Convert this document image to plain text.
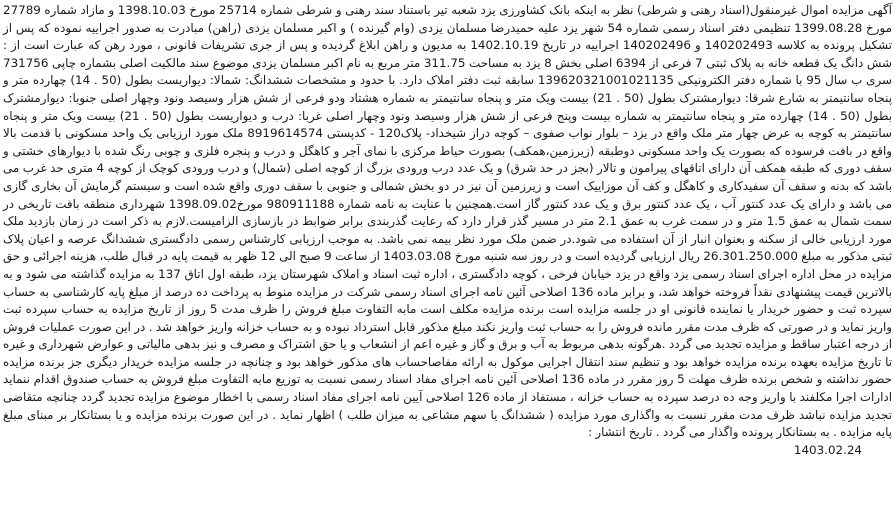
آگهی مزایده اموال غیرمنقول(اسناد رهنی و شرطی) نظر به اینکه بانک کشاورزی یزد شعبه تیر باستناد سند رهنی و شرطی شماره 25714 مورخ 1398.10.03 و مازاد شماره 27789 مورخ 1399.08.28 تنظیمی دفتر اسناد رسمی شماره 54 شهر یزد علیه حمیدرضا مسلمان یزدی (وام گیرنده ) و اکبر مسلمان یزدی (راهن) مبادرت به صدور اجراییه نموده که پس از تشکیل پرونده به کلاسه 140202493 و 140202496 اجراییه در تاریخ 1402.10.19 به مدیون و راهن ابلاغ گردیده و پس از جری تشریفات قانونی ، مورد رهن که عبارت است از : شش دانگ یک قطعه خانه به پلاک ثبتی 7 فرعی از 6394 اصلی بخش 8 یزد به مساحت 311.75 متر مربع به نام اکبر مسلمان یزدی موضوع سند مالکیت اصلی بشماره چاپی 731756 سری ب سال 95 با شماره دفتر الکترونیکی 139620321001021135 سابقه ثبت دفتر املاک دارد. با حدود و مشخصات ششدانگ: شمالا: دیواریست بطول (50 . 14) چهارده متر و پنجاه سانتیمتر به شارع شرقا: دیوارمشترک بطول (50 . 21) بیست ویک متر و پنجاه سانتیمتر به شماره هشتاد ودو فرعی از شش هزار وسیصد ونود وچهار اصلی جنوبا: دیوارمشترک بطول (50 . 14) چهارده متر و پنجاه سانتیمتر به شماره بیست وپنج فرعی از شش هزار وسیصد ونود وچهار اصلی غربا: درب و دیواریست بطول (50 . 21) بیست ویک متر و پنجاه سانتیمتر به کوچه به عرض چهار متر ملک واقع در یزد – بلوار نواب صفوی – کوچه دراز شیخداد- پلاک120 - کدپستی 8919614574 ملک مورد ارزیابی یک واحد مسکونی با قدمت بالا واقع در بافت فرسوده که بصورت یک واحد مسکونی دوطبقه (زیرزمین،همکف) بصورت حیاط مرکزی با نمای آجر و کاهگل و درب و پنجره فلزی و چوبی رنگ شده با دیوارهای خشتی و سقف دوری که طبقه همکف آن دارای اتاقهای پیرامون و تالار (بجز در حد شرق) و یک عدد درب ورودی بزرگ از کوچه اصلی (شمال) و درب ورودی کوچک از کوچه 4 متری حد غرب می باشد که بدنه و سقف آن سفیدکاری و کاهگل و کف آن موزاییک است و زیرزمین آن نیز در دو بخش شمالی و جنوبی با سقف دوری واقع شده است و سیستم گرمایش آن بخاری گازی می باشد و دارای یک عدد کنتور آب ، یک عدد کنتور برق و یک عدد کنتور گاز است.همچنین با عنایت به نامه شماره 980911188 مورخ1398.09.02 شهرداری منطقه بافت تاریخی در سمت شمال به عمق 1.5 متر و در سمت غرب به عمق 2.1 متر در مسیر گذر قرار دارد که رعایت گذربندی برابر ضوابط در بازسازی الزامیست.لازم به ذکر است در زمان بازدید ملک مورد ارزیابی خالی از سکنه و بعنوان انبار از آن استفاده می شود.در ضمن ملک مورد نظر بیمه نمی باشد. به موجب ارزیابی کارشناس رسمی دادگستری ششدانگ عرصه و اعیان پلاک ثبتی مذکور به مبلغ 26.301.250.000 ریال ارزیابی گردیده است و در روز سه شنبه مورخ 1403.03.08 از ساعت 9 صبح الی 12 ظهر به قیمت پایه در قبال طلب، هزینه اجرائی و حق مزایده در محل اداره اجرای اسناد رسمی یزد واقع در یزد خیابان فرخی ، کوچه دادگستری ، اداره ثبت اسناد و املاک شهرستان یزد، طبقه اول اتاق 137 به مزایده گذاشته می شود و به بالاترین قیمت پیشنهادی نقداً فروخته خواهد شد، و برابر ماده 136 اصلاحی آئین نامه اجرای اسناد رسمی شرکت در مزایده منوط به پرداخت ده درصد از مبلغ پایه کارشناسی به حساب سپرده ثبت و حضور خریدار یا نماینده قانونی او در جلسه مزایده است برنده مزایده مکلف است مابه التفاوت مبلغ فروش را ظرف مدت 5 روز از تاریخ مزایده به حساب سپرده ثبت واریز نماید و در صورتی که ظرف مدت مقرر مانده فروش را به حساب ثبت واریز نکند مبلغ مذکور قابل استرداد نبوده و به حساب خزانه واریز خواهد شد . در این صورت عملیات فروش از درجه اعتبار ساقط و مزایده تجدید می گردد .هرگونه بدهی مربوط به آب و برق و گاز و غیره اعم از انشعاب و یا حق اشتراک و مصرف و نیز بدهی مالیاتی و عوارض شهرداری و غیره تا تاریخ مزایده بعهده برنده مزایده خواهد بود و تنظیم سند انتقال اجرایی موکول به ارائه مفاصاحساب های مذکور خواهد بود و چنانچه در جلسه مزایده خریدار دیگری جز برنده مزایده حضور نداشته و شخص برنده ظرف مهلت 5 روز مقرر در ماده 136 اصلاحی آئین نامه اجرای مفاد اسناد رسمی نسبت به توزیع مابه التفاوت مبلغ فروش به حساب صندوق اقدام ننماید ادارات اجرا مکلفند با واریز وجه ده درصد سپرده به حساب خزانه ، مستفاد از ماده 126 اصلاحی آیین نامه اجرای مفاد اسناد رسمی با اخطار موضوع مزایده تجدید گردد چنانچه متقاضی تجدید مزایده نباشد ظرف مدت مقرر نسبت به واگذاری مورد مزایده ( ششدانگ یا سهم مشاعی به میزان طلب ) اظهار نماید . در این صورت برنده مزایده و یا بستانکار بر مبنای مبلغ پایه مزایده . به بستانکار پرونده واگذار می گردد . تاریخ انتشار :

1403.02.24
